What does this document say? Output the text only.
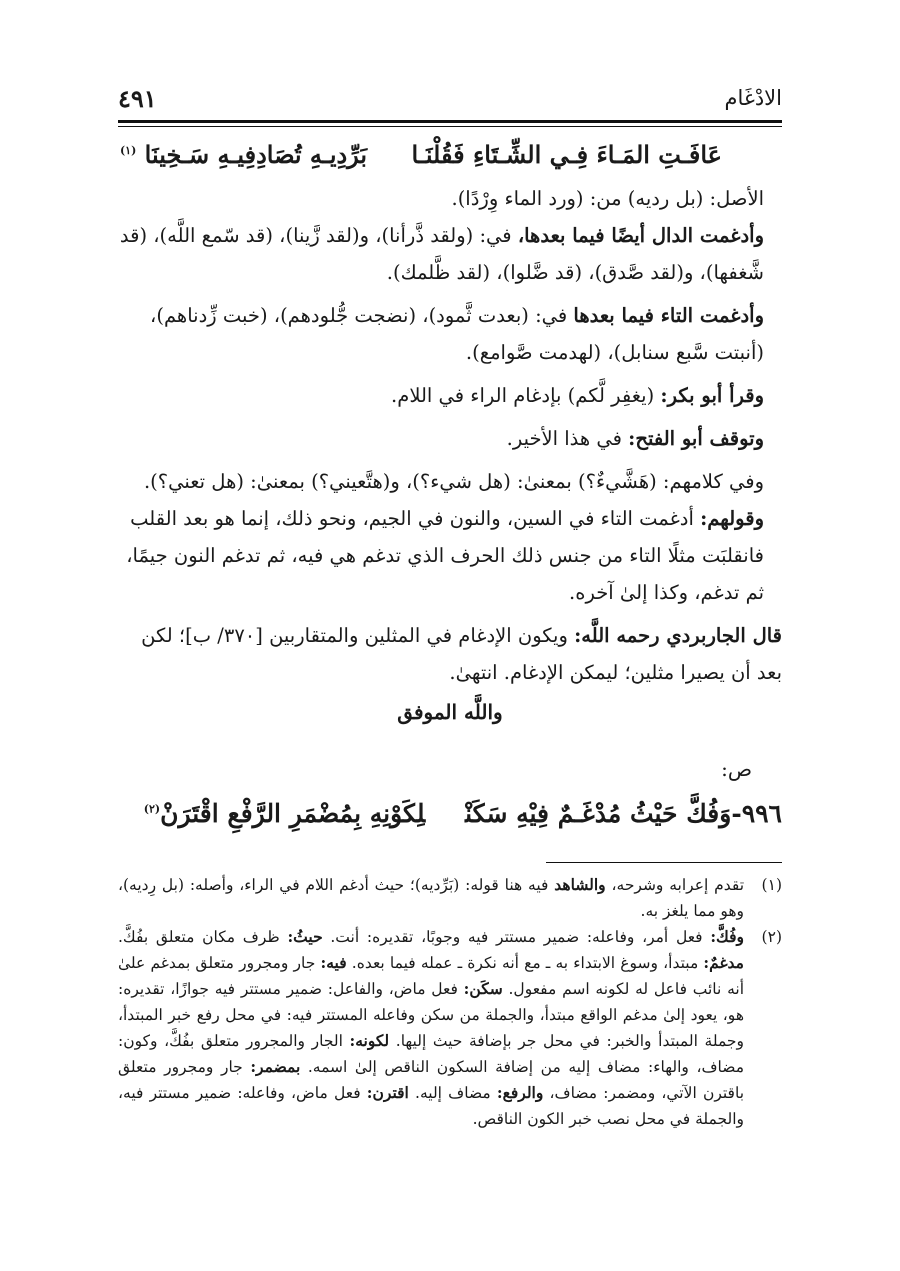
٤٩١	الادْغَام
عَافَـتِ المَـاءَ فِـي الشِّـتَاءِ فَقُلْنَـا بَرِّدِيـهِ تُصَادِفِيـهِ سَـخِينَا $^{(١)}$

الأصل: (بل رديه) من: (ورد الماء وِرْدًا).

وأدغمت الدال أيضًا فيما بعدها، في: (ولقد ذَّرأنا)، و(لقد زَّينا)، (قد سّمع اللَّه)، (قد شَّغفها)، و(لقد صَّدق)، (قد ضَّلوا)، (لقد ظَّلمك).

وأدغمت التاء فيما بعدها في: (بعدت ثَّمود)، (نضجت جُّلودهم)، (خبت زِّدناهم)، (أنبتت سَّبع سنابل)، (لهدمت صَّوامع).

وقرأ أبو بكر: (يغفِر لَّكم) بإدغام الراء في اللام.

وتوقف أبو الفتح: في هذا الأخير.

وفي كلامهم: (هَشَّيءٌ؟) بمعنىٰ: (هل شيء؟)، و(هتَّعيني؟) بمعنىٰ: (هل تعني؟).

وقولهم: أدغمت التاء في السين، والنون في الجيم، ونحو ذلك، إنما هو بعد القلب فانقلبَت مثلًا التاء من جنس ذلك الحرف الذي تدغم هي فيه، ثم تدغم النون جيمًا، ثم تدغم، وكذا إلىٰ آخره.

قال الجاربردي رحمه اللَّه: ويكون الإدغام في المثلين والمتقاربين [٣٧٠/ ب]؛ لكن بعد أن يصيرا مثلين؛ ليمكن الإدغام. انتهىٰ.

واللَّه الموفق
ص:
٩٩٦-وَفُكَّ حَيْثُ مُدْغَـمٌ فِيْهِ سَكَنْلِكَوْنِهِ بِمُضْمَرِ الرَّفْعِ اقْتَرَنْ$^{(٢)}$
(١)
تقدم إعرابه وشرحه، والشاهد فيه هنا قوله: (بَرِّديه)؛ حيث أدغم اللام في الراء، وأصله: (بل رِديه)، وهو مما يلغز به.
(٢)
وفُكَّ: فعل أمر، وفاعله: ضمير مستتر فيه وجوبًا، تقديره: أنت. حيثُ: ظرف مكان متعلق بفُكَّ. مدغمٌ: مبتدأ، وسوغ الابتداء به ـ مع أنه نكرة ـ عمله فيما بعده. فيه: جار ومجرور متعلق بمدغم علىٰ أنه نائب فاعل له لكونه اسم مفعول. سكَن: فعل ماض، والفاعل: ضمير مستتر فيه جوازًا، تقديره: هو، يعود إلىٰ مدغم الواقع مبتدأ، والجملة من سكن وفاعله المستتر فيه: في محل رفع خبر المبتدأ، وجملة المبتدأ والخبر: في محل جر بإضافة حيث إليها. لكونه: الجار والمجرور متعلق بفُكَّ، وكون: مضاف، والهاء: مضاف إليه من إضافة السكون الناقص إلىٰ اسمه. بمضمر: جار ومجرور متعلق باقترن الآتي، ومضمر: مضاف، والرفع: مضاف إليه. اقترن: فعل ماض، وفاعله: ضمير مستتر فيه، والجملة في محل نصب خبر الكون الناقص.
